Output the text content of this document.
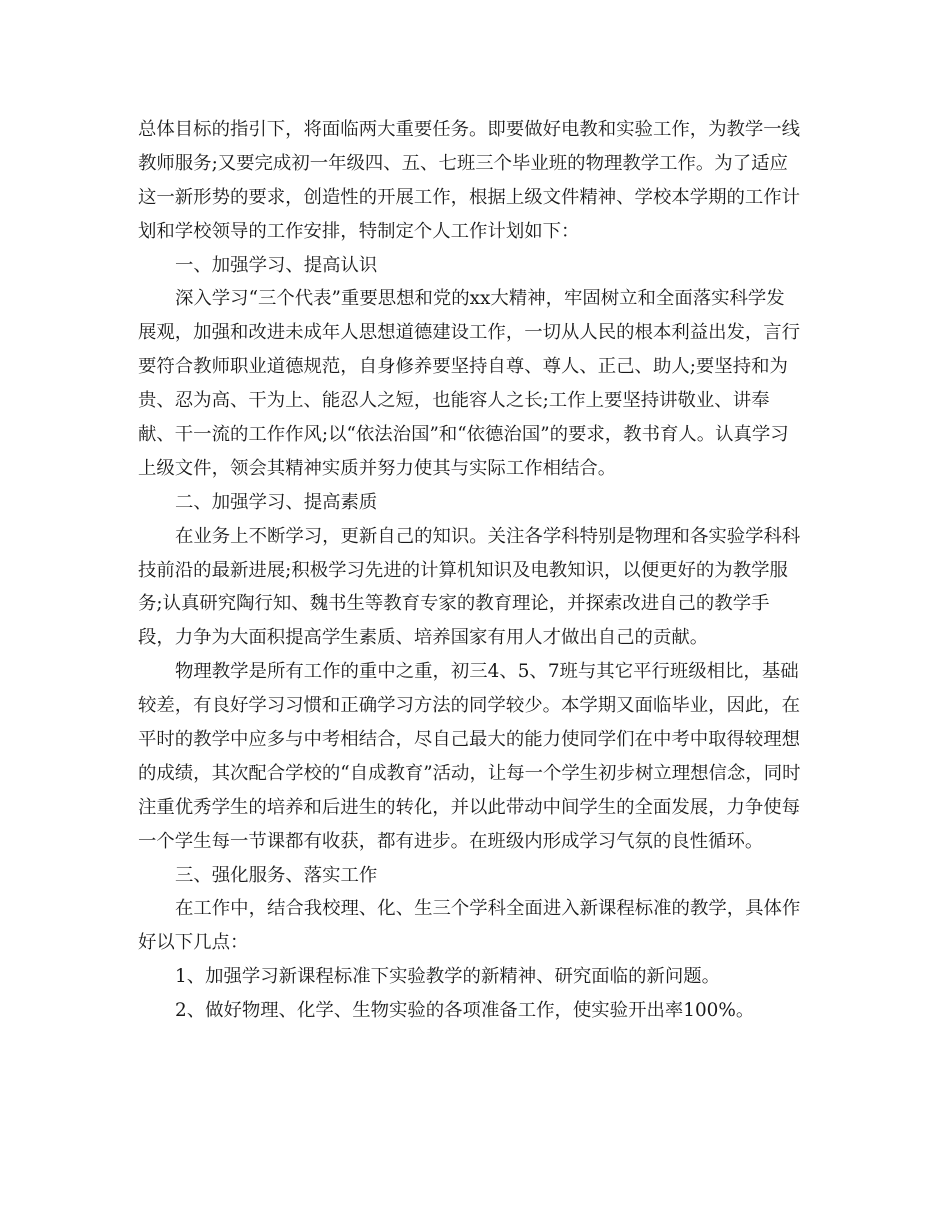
总体目标的指引下，将面临两大重要任务。即要做好电教和实验工作，为教学一线
教师服务;又要完成初一年级四、五、七班三个毕业班的物理教学工作。为了适应
这一新形势的要求，创造性的开展工作，根据上级文件精神、学校本学期的工作计
划和学校领导的工作安排，特制定个人工作计划如下：
一、加强学习、提高认识
深入学习“三个代表”重要思想和党的xx大精神，牢固树立和全面落实科学发
展观，加强和改进未成年人思想道德建设工作，一切从人民的根本利益出发，言行
要符合教师职业道德规范，自身修养要坚持自尊、尊人、正己、助人;要坚持和为
贵、忍为高、干为上、能忍人之短，也能容人之长;工作上要坚持讲敬业、讲奉
献、干一流的工作作风;以“依法治国”和“依德治国”的要求，教书育人。认真学习
上级文件，领会其精神实质并努力使其与实际工作相结合。
二、加强学习、提高素质
在业务上不断学习，更新自己的知识。关注各学科特别是物理和各实验学科科
技前沿的最新进展;积极学习先进的计算机知识及电教知识，以便更好的为教学服
务;认真研究陶行知、魏书生等教育专家的教育理论，并探索改进自己的教学手
段，力争为大面积提高学生素质、培养国家有用人才做出自己的贡献。
物理教学是所有工作的重中之重，初三4、5、7班与其它平行班级相比，基础
较差，有良好学习习惯和正确学习方法的同学较少。本学期又面临毕业，因此，在
平时的教学中应多与中考相结合，尽自己最大的能力使同学们在中考中取得较理想
的成绩，其次配合学校的“自成教育”活动，让每一个学生初步树立理想信念，同时
注重优秀学生的培养和后进生的转化，并以此带动中间学生的全面发展，力争使每
一个学生每一节课都有收获，都有进步。在班级内形成学习气氛的良性循环。
三、强化服务、落实工作
在工作中，结合我校理、化、生三个学科全面进入新课程标准的教学，具体作
好以下几点：
1、加强学习新课程标准下实验教学的新精神、研究面临的新问题。
2、做好物理、化学、生物实验的各项准备工作，使实验开出率100%。
